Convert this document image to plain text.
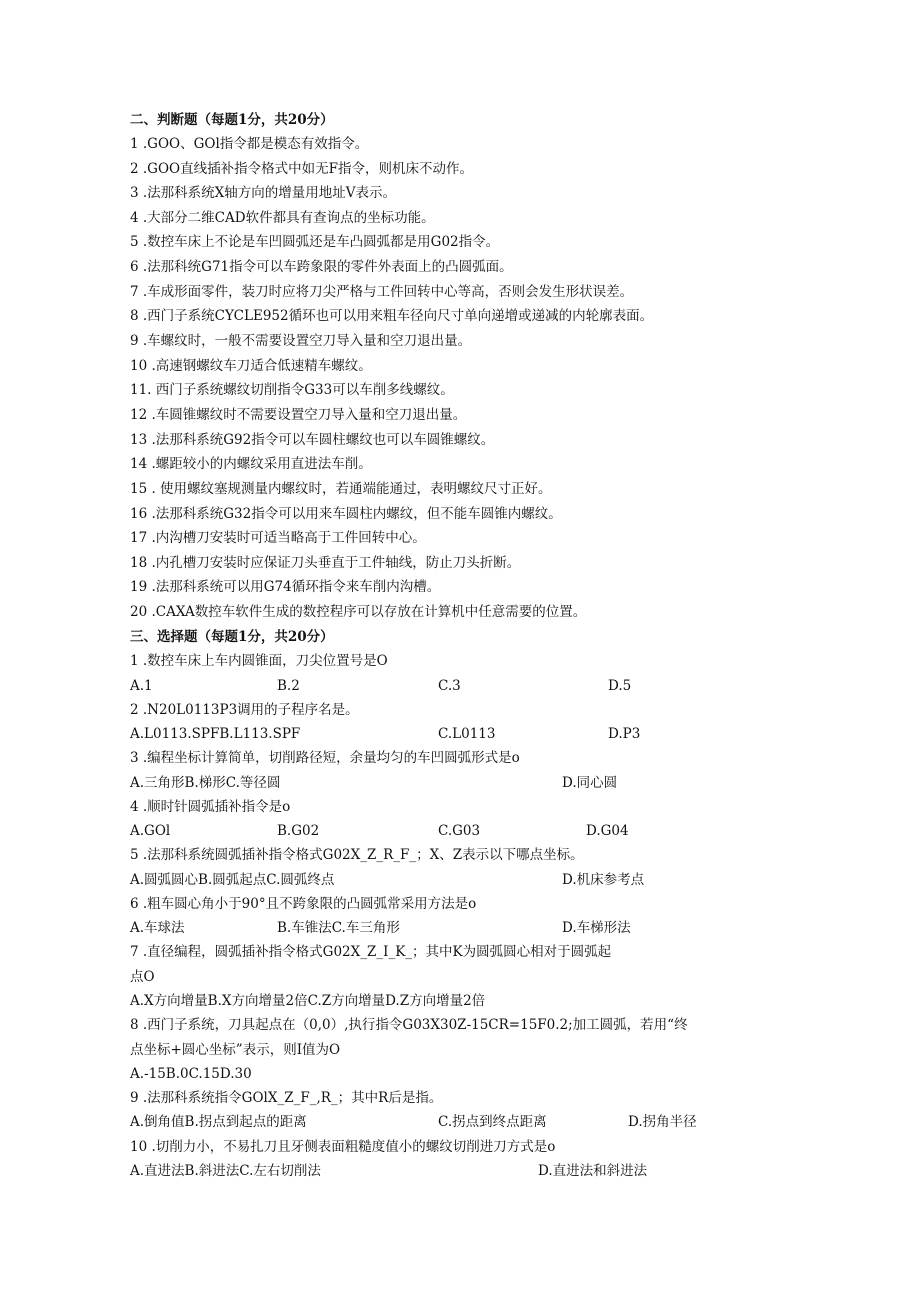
二、判断题（每题1分，共20分）
1 .GOO、GOl指令都是模态有效指令。
2 .GOO直线插补指令格式中如无F指令，则机床不动作。
3 .法那科系统X轴方向的增量用地址V表示。
4 .大部分二维CAD软件都具有查询点的坐标功能。
5 .数控车床上不论是车凹圆弧还是车凸圆弧都是用G02指令。
6 .法那科统G71指令可以车跨象限的零件外表面上的凸圆弧面。
7 .车成形面零件，装刀时应将刀尖严格与工件回转中心等高，否则会发生形状误差。
8 .西门子系统CYCLE952循环也可以用来粗车径向尺寸单向递增或递减的内轮廓表面。
9 .车螺纹时，一般不需要设置空刀导入量和空刀退出量。
10 .高速钢螺纹车刀适合低速精车螺纹。
11. 西门子系统螺纹切削指令G33可以车削多线螺纹。
12 .车圆锥螺纹时不需要设置空刀导入量和空刀退出量。
13 .法那科系统G92指令可以车圆柱螺纹也可以车圆锥螺纹。
14 .螺距较小的内螺纹采用直进法车削。
15 . 使用螺纹塞规测量内螺纹时，若通端能通过，表明螺纹尺寸正好。
16 .法那科系统G32指令可以用来车圆柱内螺纹，但不能车圆锥内螺纹。
17 .内沟槽刀安装时可适当略高于工件回转中心。
18 .内孔槽刀安装时应保证刀头垂直于工件轴线，防止刀头折断。
19 .法那科系统可以用G74循环指令来车削内沟槽。
20 .CAXA数控车软件生成的数控程序可以存放在计算机中任意需要的位置。
三、选择题（每题1分，共20分）
1 .数控车床上车内圆锥面，刀尖位置号是O
A.1	B.2	C.3	D.5
2 .N20L0113P3调用的子程序名是。
A.L0113.SPFB.L113.SPF	C.L0113	D.P3
3 .编程坐标计算简单，切削路径短，余量均匀的车凹圆弧形式是o
A.三角形B.梯形C.等径圆	D.同心圆
4 .顺时针圆弧插补指令是o
A.GOl	B.G02	C.G03	D.G04
5 .法那科系统圆弧插补指令格式G02X_Z_R_F_；X、Z表示以下哪点坐标。
A.圆弧圆心B.圆弧起点C.圆弧终点	D.机床参考点
6 .粗车圆心角小于90°且不跨象限的凸圆弧常采用方法是o
A.车球法	B.车锥法C.车三角形	D.车梯形法
7 .直径编程，圆弧插补指令格式G02X_Z_I_K_；其中K为圆弧圆心相对于圆弧起
点O
A.X方向增量B.X方向增量2倍C.Z方向增量D.Z方向增量2倍
8 .西门子系统，刀具起点在（0,0）,执行指令G03X30Z-15CR=15F0.2;加工圆弧，若用“终
点坐标+圆心坐标”表示，则I值为O
A.-15B.0C.15D.30
9 .法那科系统指令GOlX_Z_F_,R_；其中R后是指。
A.倒角值B.拐点到起点的距离	C.拐点到终点距离	D.拐角半径
10 .切削力小，不易扎刀且牙侧表面粗糙度值小的螺纹切削进刀方式是o
A.直进法B.斜进法C.左右切削法	D.直进法和斜进法
